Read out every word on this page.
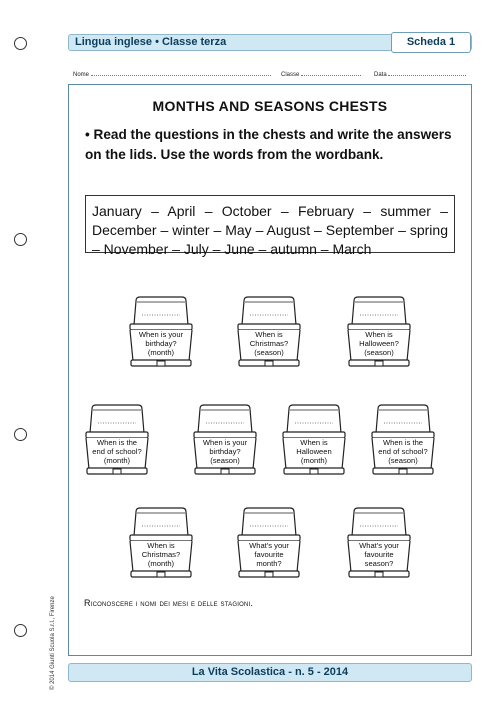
Lingua inglese • Classe terza	Scheda 1
Nome	Classe	Data
MONTHS AND SEASONS CHESTS
• Read the questions in the chests and write the answers on the lids. Use the words from the wordbank.
January – April – October – February – summer – December – winter – May – August – September – spring – November – July – June – autumn – March
When is your
birthday?
(month)
When is
Christmas?
(season)
When is
Halloween?
(season)
When is the
end of school?
(month)
When is your
birthday?
(season)
When is
Halloween
(month)
When is the
end of school?
(season)
When is
Christmas?
(month)
What's your
favourite
month?
What's your
favourite
season?
Riconoscere i nomi dei mesi e delle stagioni.
La Vita Scolastica - n. 5 - 2014
© 2014 Giunti Scuola S.r.l., Firenze
